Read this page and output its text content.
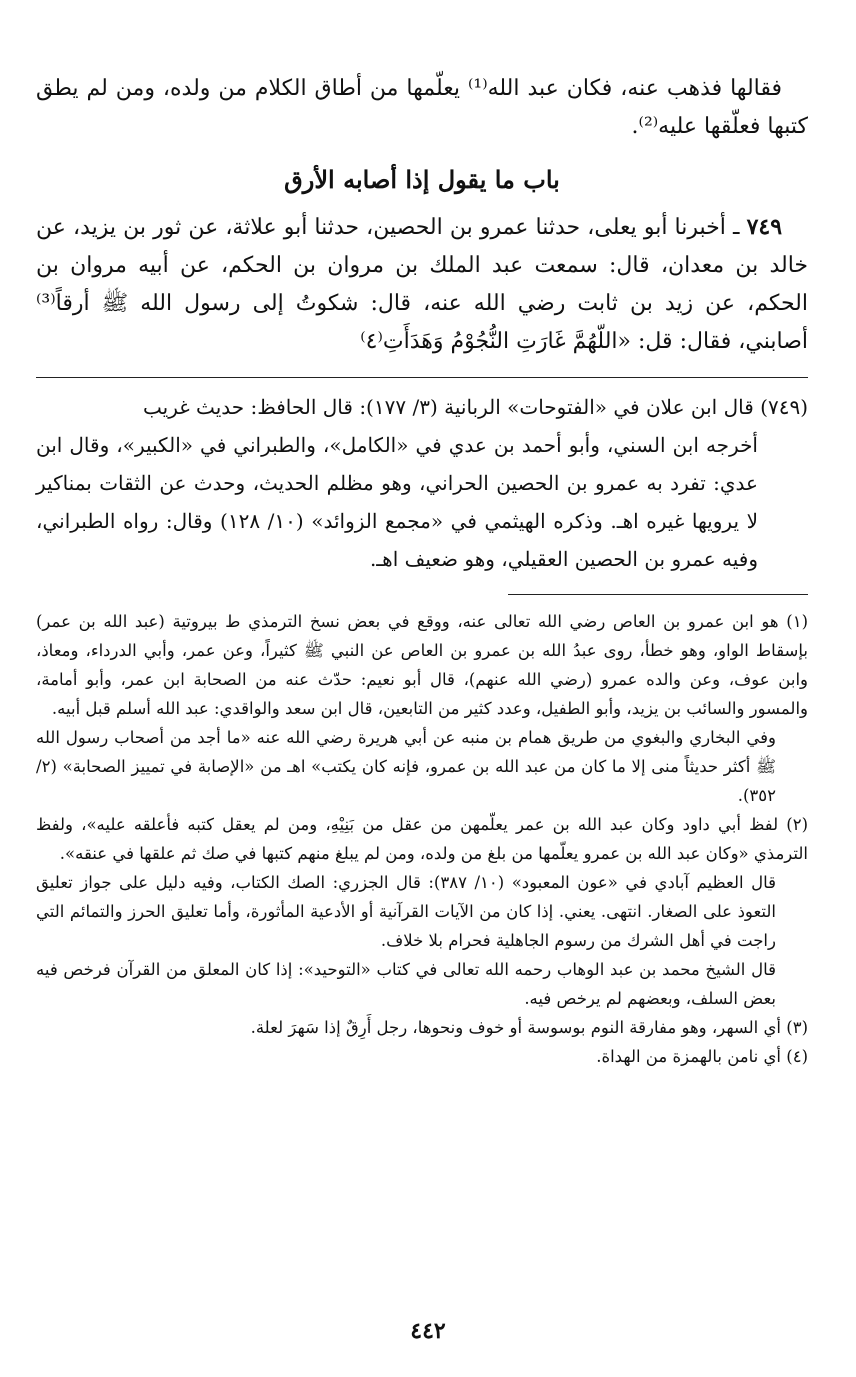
فقالها فذهب عنه، فكان عبد الله⁽¹⁾ يعلّمها من أطاق الكلام من ولده، ومن لم يطق كتبها فعلّقها عليه⁽²⁾.

باب ما يقول إذا أصابه الأرق

٧٤٩ ـ أخبرنا أبو يعلى، حدثنا عمرو بن الحصين، حدثنا أبو علاثة، عن ثور بن يزيد، عن خالد بن معدان، قال: سمعت عبد الملك بن مروان بن الحكم، عن أبيه مروان بن الحكم، عن زيد بن ثابت رضي الله عنه، قال: شكوتُ إلى رسول الله ﷺ أرقاً⁽³⁾ أصابني، فقال: قل: «اللّهُمَّ غَارَتِ النُّجُوْمُ وَهَدَأَتِ⁽٤⁾

(٧٤٩) قال ابن علان في «الفتوحات» الربانية (٣/ ١٧٧): قال الحافظ: حديث غريب

أخرجه ابن السني، وأبو أحمد بن عدي في «الكامل»، والطبراني في «الكبير»، وقال ابن عدي: تفرد به عمرو بن الحصين الحراني، وهو مظلم الحديث، وحدث عن الثقات بمناكير لا يرويها غيره اهـ. وذكره الهيثمي في «مجمع الزوائد» (١٠/ ١٢٨) وقال: رواه الطبراني، وفيه عمرو بن الحصين العقيلي، وهو ضعيف اهـ.

(١) هو ابن عمرو بن العاص رضي الله تعالى عنه، ووقع في بعض نسخ الترمذي ط بيروتية (عبد الله بن عمر) بإسقاط الواو، وهو خطأ، روى عبدُ الله بن عمرو بن العاص عن النبي ﷺ كثيراً، وعن عمر، وأبي الدرداء، ومعاذ، وابن عوف، وعن والده عمرو (رضي الله عنهم)، قال أبو نعيم: حدّث عنه من الصحابة ابن عمر، وأبو أمامة، والمسور والسائب بن يزيد، وأبو الطفيل، وعدد كثير من التابعين، قال ابن سعد والواقدي: عبد الله أسلم قبل أبيه.

وفي البخاري والبغوي من طريق همام بن منبه عن أبي هريرة رضي الله عنه «ما أجد من أصحاب رسول الله ﷺ أكثر حديثاً منى إلا ما كان من عبد الله بن عمرو، فإنه كان يكتب» اهـ من «الإصابة في تمييز الصحابة» (٢/ ٣٥٢).

(٢) لفظ أبي داود وكان عبد الله بن عمر يعلّمهن من عقل من بَنِيْهِ، ومن لم يعقل كتبه فأعلقه عليه»، ولفظ الترمذي «وكان عبد الله بن عمرو يعلّمها من بلغ من ولده، ومن لم يبلغ منهم كتبها في صك ثم علقها في عنقه».

قال العظيم آبادي في «عون المعبود» (١٠/ ٣٨٧): قال الجزري: الصك الكتاب، وفيه دليل على جواز تعليق التعوذ على الصغار. انتهى. يعني. إذا كان من الآيات القرآنية أو الأدعية المأثورة، وأما تعليق الحرز والتمائم التي راجت في أهل الشرك من رسوم الجاهلية فحرام بلا خلاف.

قال الشيخ محمد بن عبد الوهاب رحمه الله تعالى في كتاب «التوحيد»: إذا كان المعلق من القرآن فرخص فيه بعض السلف، وبعضهم لم يرخص فيه.

(٣) أي السهر، وهو مفارقة النوم بوسوسة أو خوف ونحوها، رجل أَرِقٌ إذا سَهرَ لعلة.

(٤) أي نامن بالهمزة من الهداة.

٤٤٢
